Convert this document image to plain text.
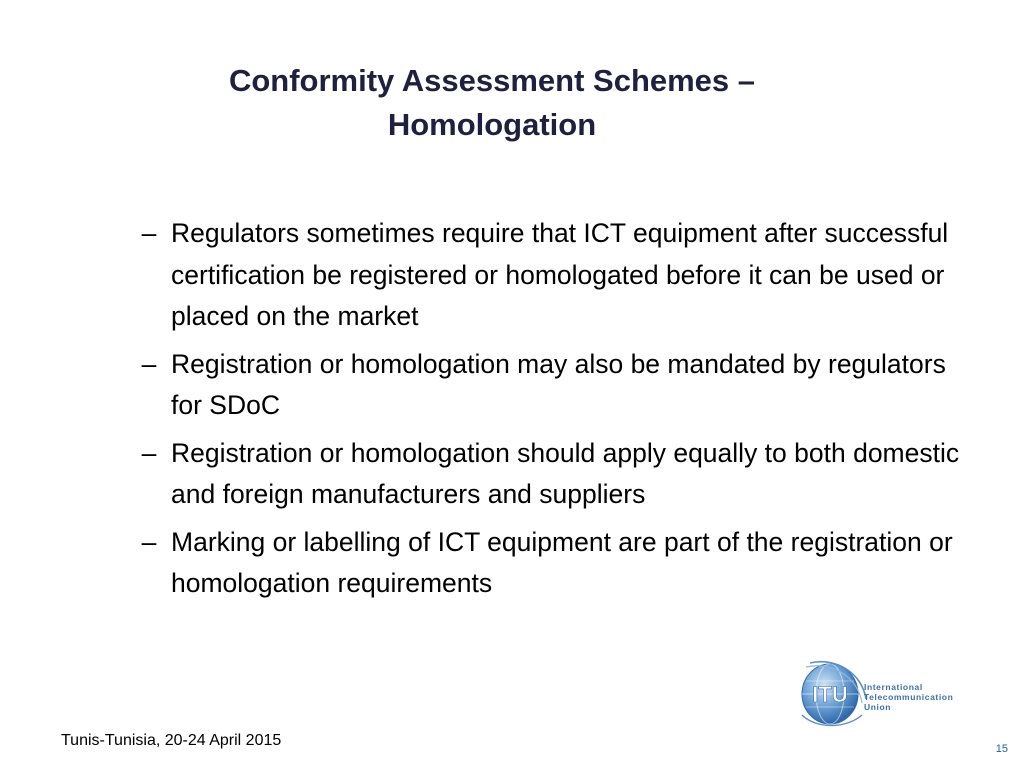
Conformity Assessment Schemes –
Homologation
– Regulators sometimes require that ICT equipment after successful certification be registered or homologated before it can be used or placed on the market
– Registration or homologation may also be mandated by regulators for SDoC
– Registration or homologation should apply equally to both domestic and foreign manufacturers and suppliers
– Marking or labelling of ICT equipment are part of the registration or homologation requirements
ITU International
Telecommunication
Union
Tunis-Tunisia, 20-24 April 2015	15
